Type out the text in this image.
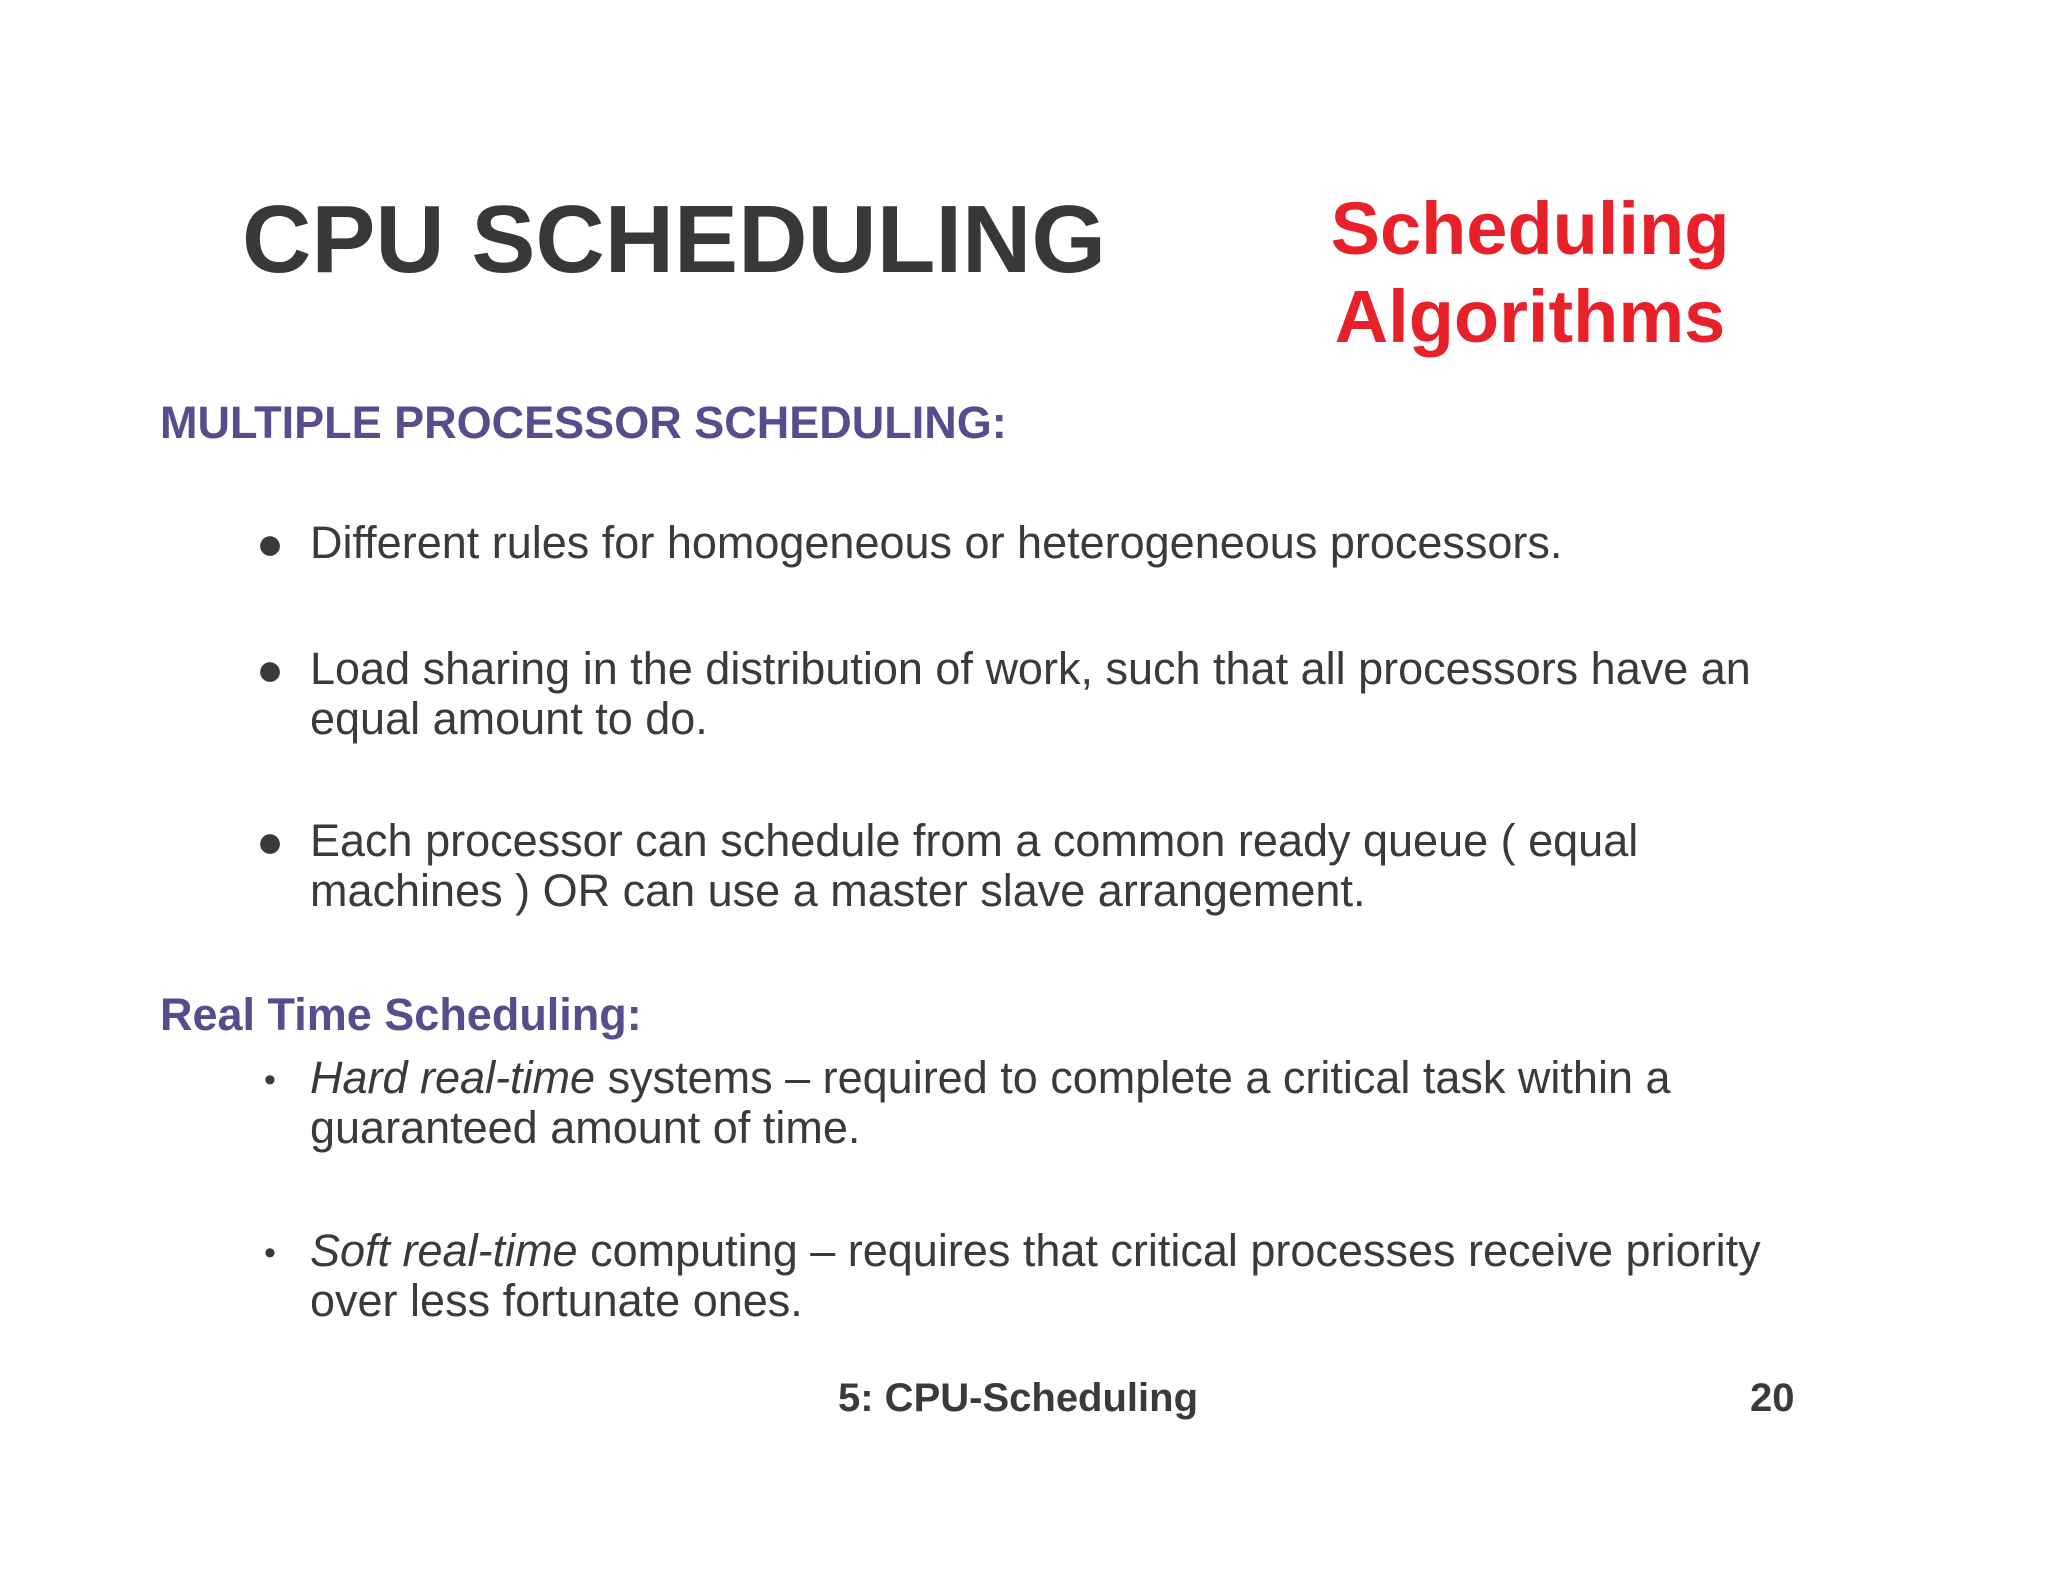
CPU SCHEDULING	Scheduling
Algorithms
MULTIPLE PROCESSOR SCHEDULING:
● Different rules for homogeneous or heterogeneous processors.
● Load sharing in the distribution of work, such that all processors have an equal amount to do.
● Each processor can schedule from a common ready queue ( equal machines ) OR can use a master slave arrangement.
Real Time Scheduling:
• Hard real-time systems – required to complete a critical task within a guaranteed amount of time.
• Soft real-time computing – requires that critical processes receive priority over less fortunate ones.
5: CPU-Scheduling	20
